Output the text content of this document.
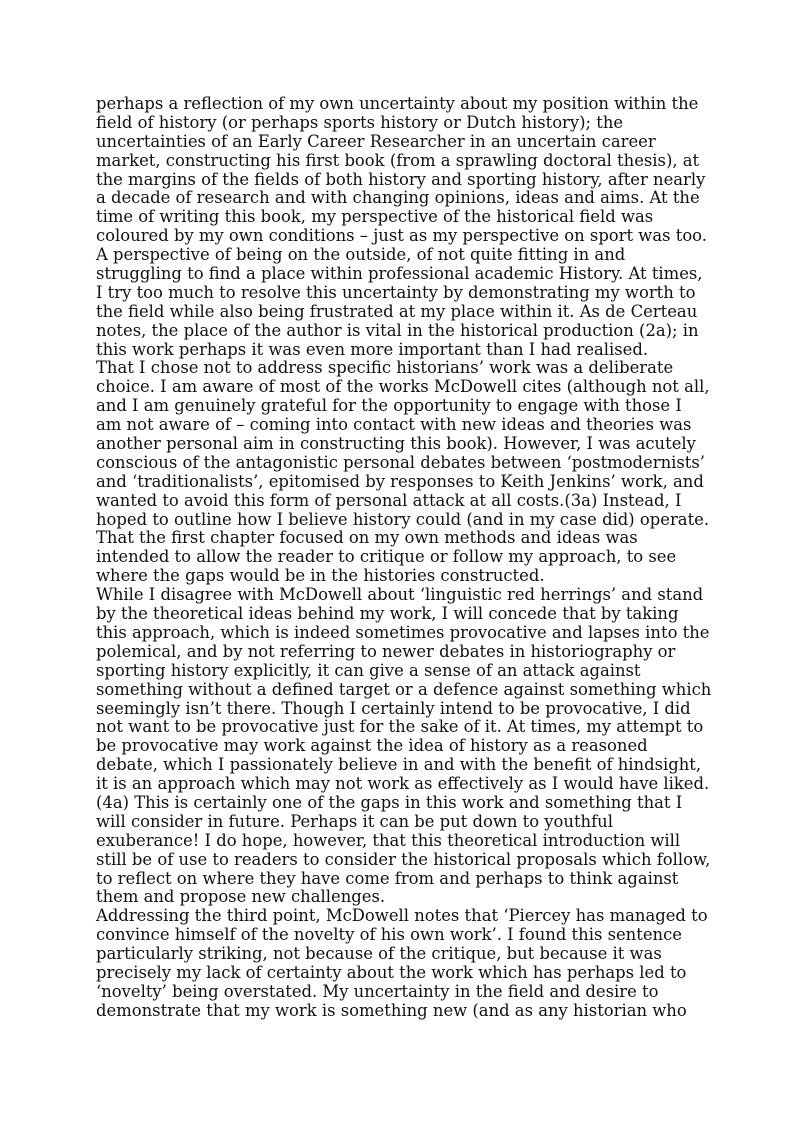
perhaps a reflection of my own uncertainty about my position within the
field of history (or perhaps sports history or Dutch history); the
uncertainties of an Early Career Researcher in an uncertain career
market, constructing his first book (from a sprawling doctoral thesis), at
the margins of the fields of both history and sporting history, after nearly
a decade of research and with changing opinions, ideas and aims. At the
time of writing this book, my perspective of the historical field was
coloured by my own conditions – just as my perspective on sport was too.
A perspective of being on the outside, of not quite fitting in and
struggling to find a place within professional academic History. At times,
I try too much to resolve this uncertainty by demonstrating my worth to
the field while also being frustrated at my place within it. As de Certeau
notes, the place of the author is vital in the historical production (2a); in
this work perhaps it was even more important than I had realised.
That I chose not to address specific historians’ work was a deliberate
choice. I am aware of most of the works McDowell cites (although not all,
and I am genuinely grateful for the opportunity to engage with those I
am not aware of – coming into contact with new ideas and theories was
another personal aim in constructing this book). However, I was acutely
conscious of the antagonistic personal debates between ‘postmodernists’
and ‘traditionalists’, epitomised by responses to Keith Jenkins’ work, and
wanted to avoid this form of personal attack at all costs.(3a) Instead, I
hoped to outline how I believe history could (and in my case did) operate.
That the first chapter focused on my own methods and ideas was
intended to allow the reader to critique or follow my approach, to see
where the gaps would be in the histories constructed.
While I disagree with McDowell about ‘linguistic red herrings’ and stand
by the theoretical ideas behind my work, I will concede that by taking
this approach, which is indeed sometimes provocative and lapses into the
polemical, and by not referring to newer debates in historiography or
sporting history explicitly, it can give a sense of an attack against
something without a defined target or a defence against something which
seemingly isn’t there. Though I certainly intend to be provocative, I did
not want to be provocative just for the sake of it. At times, my attempt to
be provocative may work against the idea of history as a reasoned
debate, which I passionately believe in and with the benefit of hindsight,
it is an approach which may not work as effectively as I would have liked.
(4a) This is certainly one of the gaps in this work and something that I
will consider in future. Perhaps it can be put down to youthful
exuberance! I do hope, however, that this theoretical introduction will
still be of use to readers to consider the historical proposals which follow,
to reflect on where they have come from and perhaps to think against
them and propose new challenges.
Addressing the third point, McDowell notes that ‘Piercey has managed to
convince himself of the novelty of his own work’. I found this sentence
particularly striking, not because of the critique, but because it was
precisely my lack of certainty about the work which has perhaps led to
‘novelty’ being overstated. My uncertainty in the field and desire to
demonstrate that my work is something new (and as any historian who
